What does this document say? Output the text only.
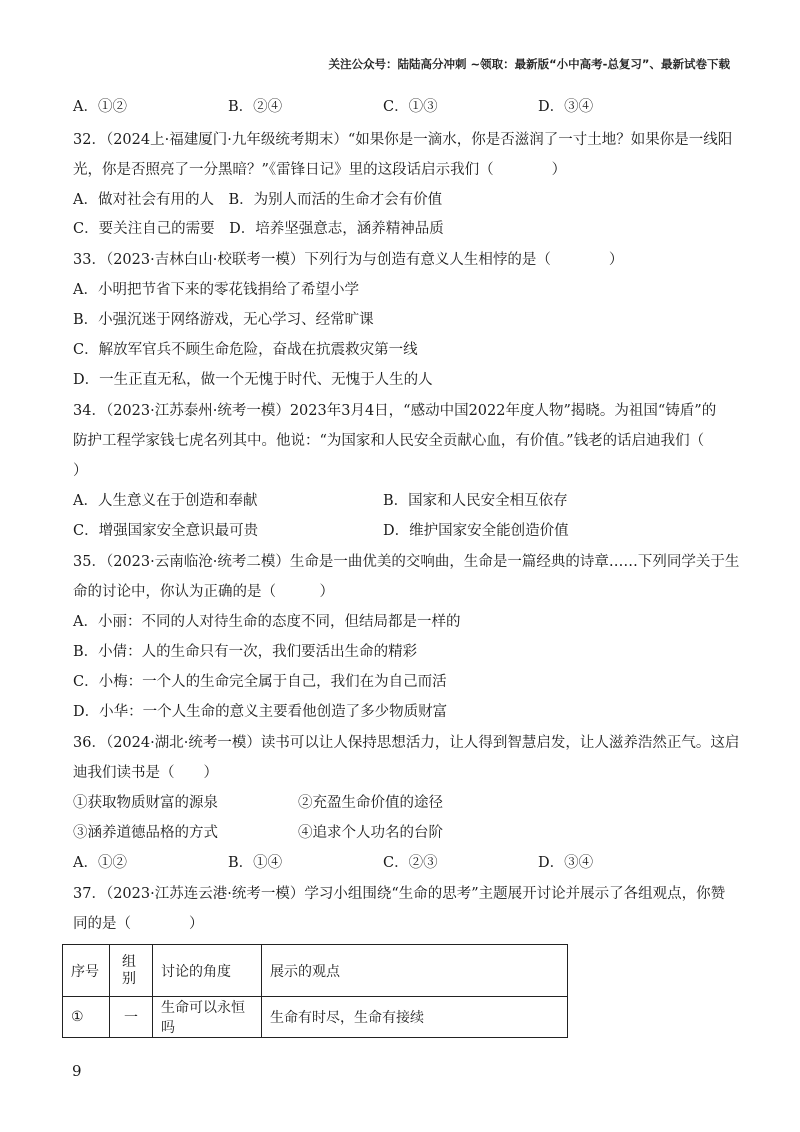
关注公众号：陆陆高分冲刺 ~领取：最新版“小中高考-总复习”、最新试卷下载
A．①②	B．②④	C．①③	D．③④
32．（2024上·福建厦门·九年级统考期末）“如果你是一滴水，你是否滋润了一寸土地？如果你是一线阳
光，你是否照亮了一分黑暗？”《雷锋日记》里的这段话启示我们（　　　　）
A．做对社会有用的人　B．为别人而活的生命才会有价值
C．要关注自己的需要　D．培养坚强意志，涵养精神品质
33．（2023·吉林白山·校联考一模）下列行为与创造有意义人生相悖的是（　　　　）
A．小明把节省下来的零花钱捐给了希望小学
B．小强沉迷于网络游戏，无心学习、经常旷课
C．解放军官兵不顾生命危险，奋战在抗震救灾第一线
D．一生正直无私，做一个无愧于时代、无愧于人生的人
34．（2023·江苏泰州·统考一模）2023年3月4日，“感动中国2022年度人物”揭晓。为祖国“铸盾”的
防护工程学家钱七虎名列其中。他说：“为国家和人民安全贡献心血，有价值。”钱老的话启迪我们（
）
A．人生意义在于创造和奉献	B．国家和人民安全相互依存
C．增强国家安全意识最可贵	D．维护国家安全能创造价值
35．（2023·云南临沧·统考二模）生命是一曲优美的交响曲，生命是一篇经典的诗章……下列同学关于生
命的讨论中，你认为正确的是（　　　）
A．小丽：不同的人对待生命的态度不同，但结局都是一样的
B．小倩：人的生命只有一次，我们要活出生命的精彩
C．小梅：一个人的生命完全属于自己，我们在为自己而活
D．小华：一个人生命的意义主要看他创造了多少物质财富
36．（2024·湖北·统考一模）读书可以让人保持思想活力，让人得到智慧启发，让人滋养浩然正气。这启
迪我们读书是（　　）
①获取物质财富的源泉	②充盈生命价值的途径
③涵养道德品格的方式	④追求个人功名的台阶
A．①②	B．①④	C．②③	D．③④
37．（2023·江苏连云港·统考一模）学习小组围绕“生命的思考”主题展开讨论并展示了各组观点，你赞
同的是（　　　　）
序号	组别	讨论的角度	展示的观点
①	一	生命可以永恒吗	生命有时尽，生命有接续
9
